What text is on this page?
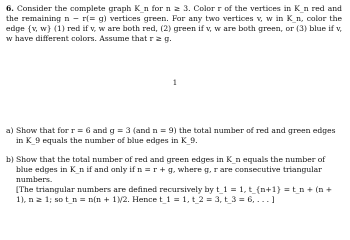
6. Consider the complete graph K_n for n ≥ 3. Color r of the vertices in K_n red and the remaining n − r(= g) vertices green. For any two vertices v, w in K_n, color the edge {v, w} (1) red if v, w are both red, (2) green if v, w are both green, or (3) blue if v, w have different colors. Assume that r ≥ g.

1

a) Show that for r = 6 and g = 3 (and n = 9) the total number of red and green edges in K_9 equals the number of blue edges in K_9.

b) Show that the total number of red and green edges in K_n equals the number of blue edges in K_n if and only if n = r + g, where g, r are consecutive triangular numbers.

[The triangular numbers are defined recursively by t_1 = 1, t_{n+1} = t_n + (n + 1), n ≥ 1; so t_n = n(n + 1)/2. Hence t_1 = 1, t_2 = 3, t_3 = 6, . . . ]
